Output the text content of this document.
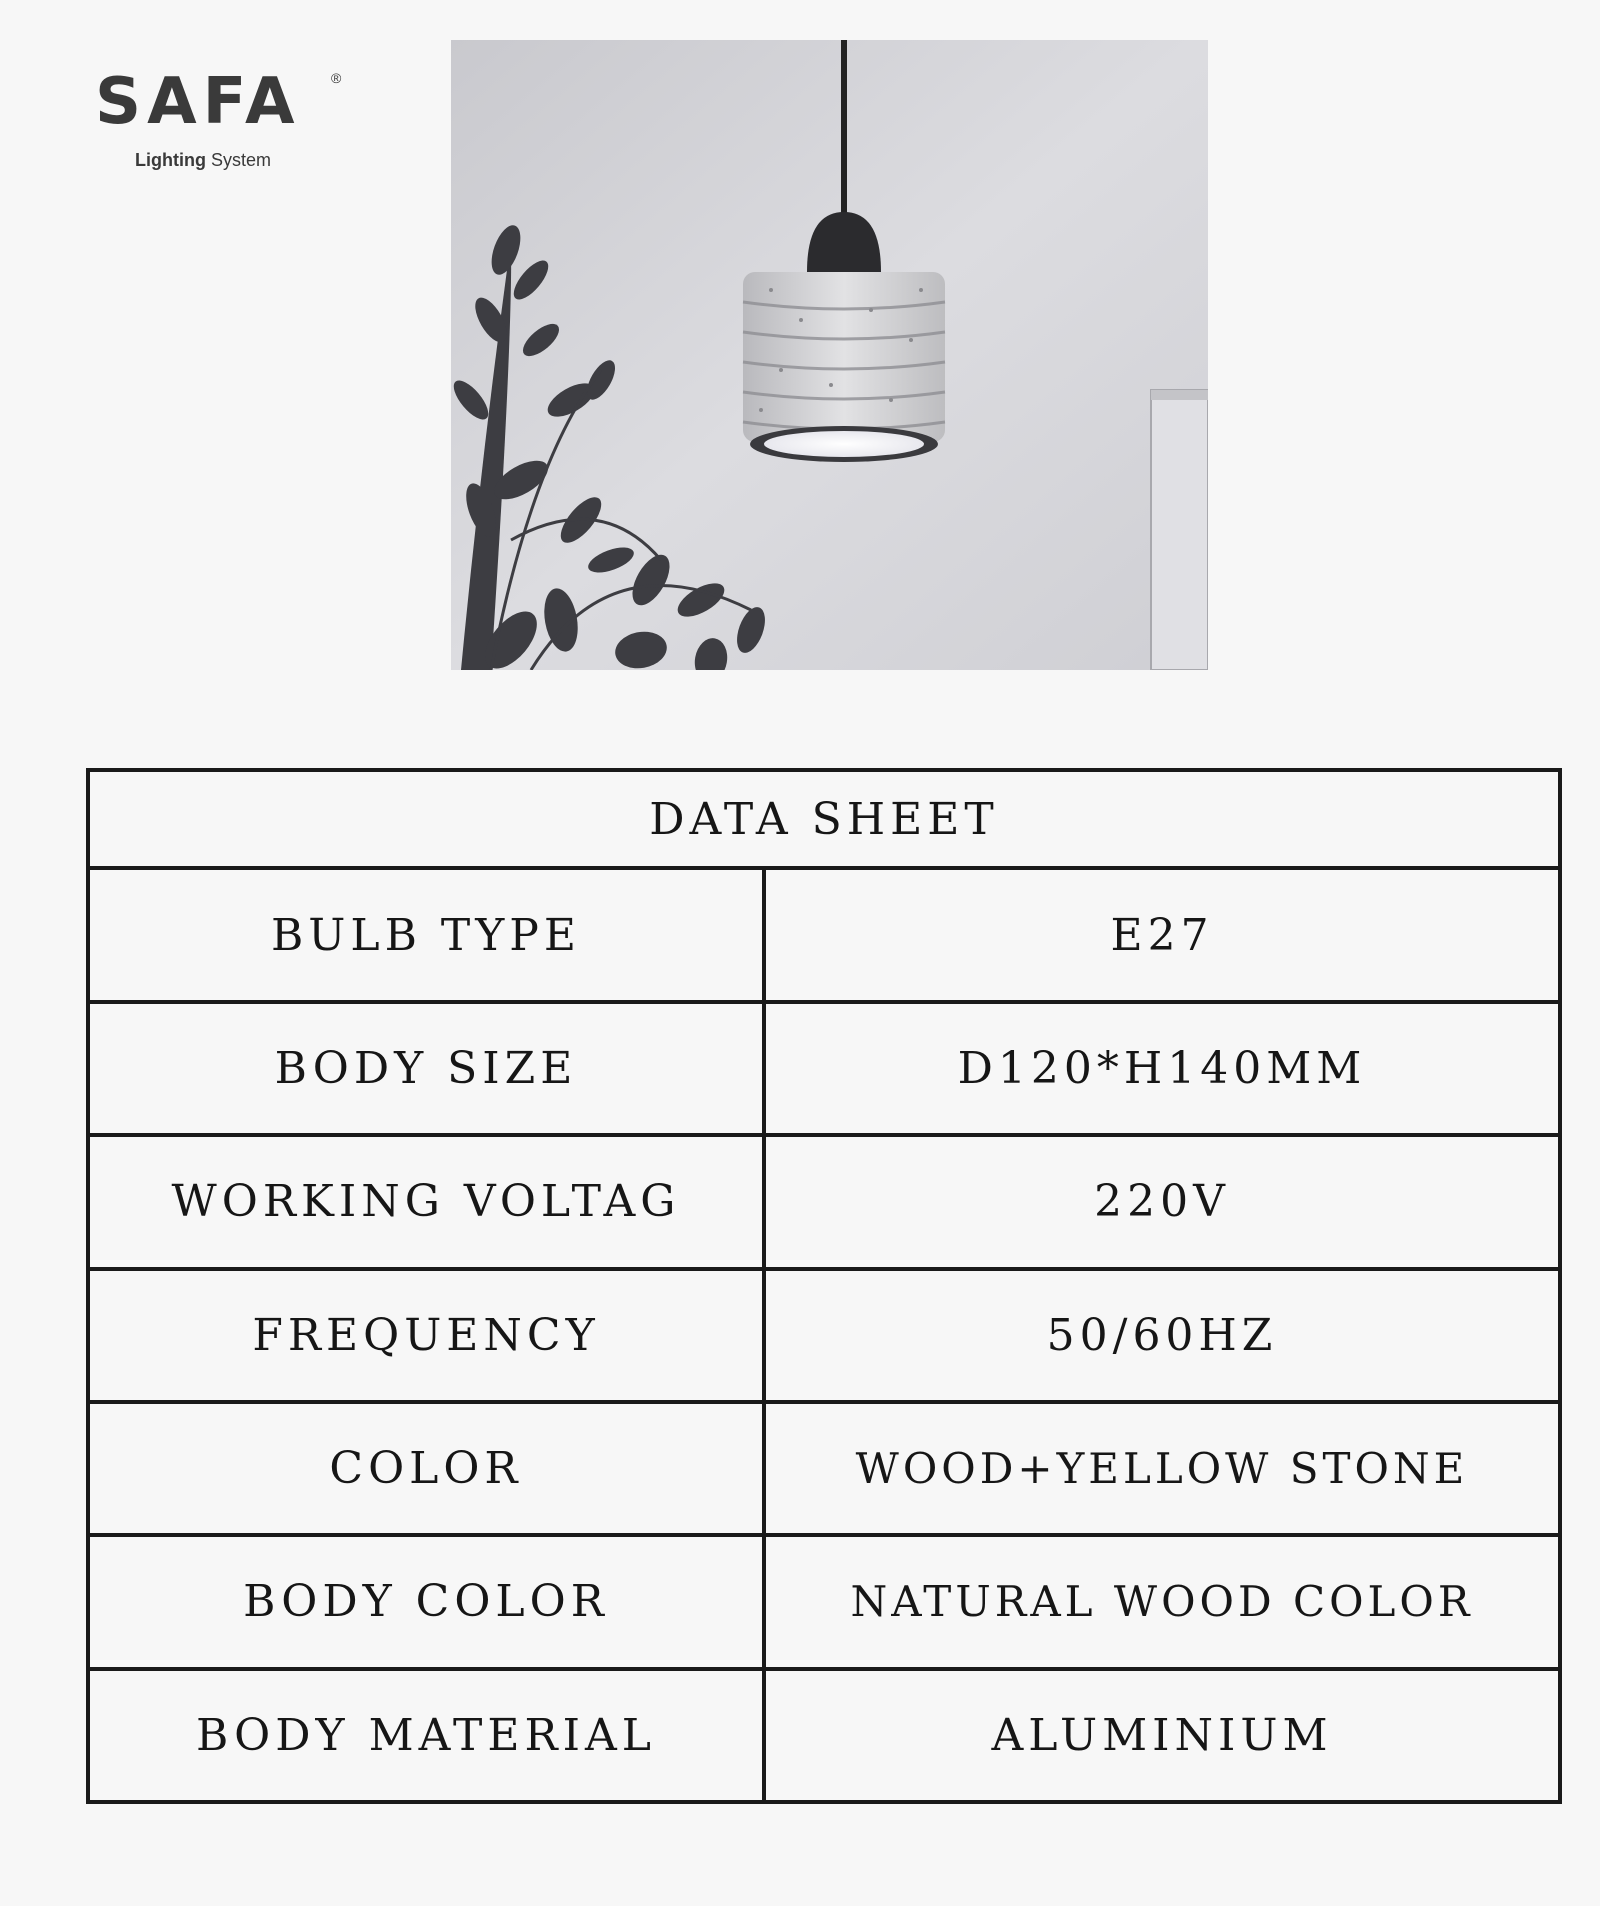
SAFA ®
Lighting System
DATA SHEET	
BULB TYPE	E27
BODY SIZE	D120*H140MM
WORKING VOLTAG	220V
FREQUENCY	50/60HZ
COLOR	WOOD+YELLOW STONE
BODY COLOR	NATURAL WOOD COLOR
BODY MATERIAL	ALUMINIUM
